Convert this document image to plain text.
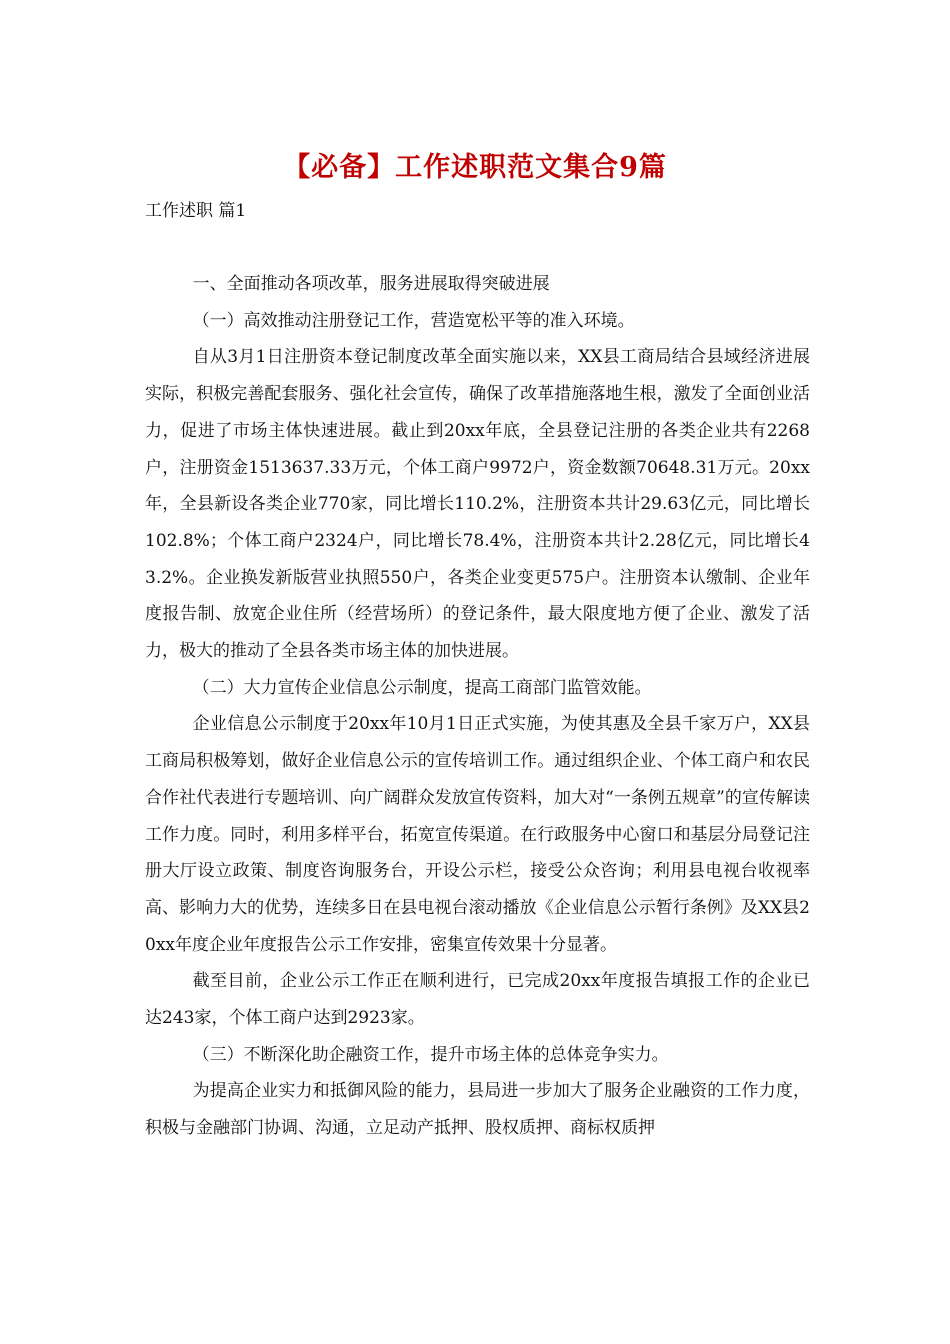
【必备】工作述职范文集合9篇
工作述职 篇1

一、全面推动各项改革，服务进展取得突破进展

（一）高效推动注册登记工作，营造宽松平等的准入环境。

自从3月1日注册资本登记制度改革全面实施以来，XX县工商局结合县域经济进展实际，积极完善配套服务、强化社会宣传，确保了改革措施落地生根，激发了全面创业活力，促进了市场主体快速进展。截止到20xx年底，全县登记注册的各类企业共有2268户，注册资金1513637.33万元，个体工商户9972户，资金数额70648.31万元。20xx年，全县新设各类企业770家，同比增长110.2%，注册资本共计29.63亿元，同比增长102.8%；个体工商户2324户，同比增长78.4%，注册资本共计2.28亿元，同比增长43.2%。企业换发新版营业执照550户，各类企业变更575户。注册资本认缴制、企业年度报告制、放宽企业住所（经营场所）的登记条件，最大限度地方便了企业、激发了活力，极大的推动了全县各类市场主体的加快进展。

（二）大力宣传企业信息公示制度，提高工商部门监管效能。

企业信息公示制度于20xx年10月1日正式实施，为使其惠及全县千家万户，XX县工商局积极筹划，做好企业信息公示的宣传培训工作。通过组织企业、个体工商户和农民合作社代表进行专题培训、向广阔群众发放宣传资料，加大对“一条例五规章”的宣传解读工作力度。同时，利用多样平台，拓宽宣传渠道。在行政服务中心窗口和基层分局登记注册大厅设立政策、制度咨询服务台，开设公示栏，接受公众咨询；利用县电视台收视率高、影响力大的优势，连续多日在县电视台滚动播放《企业信息公示暂行条例》及XX县20xx年度企业年度报告公示工作安排，密集宣传效果十分显著。

截至目前，企业公示工作正在顺利进行，已完成20xx年度报告填报工作的企业已达243家，个体工商户达到2923家。

（三）不断深化助企融资工作，提升市场主体的总体竞争实力。

为提高企业实力和抵御风险的能力，县局进一步加大了服务企业融资的工作力度，积极与金融部门协调、沟通，立足动产抵押、股权质押、商标权质押
